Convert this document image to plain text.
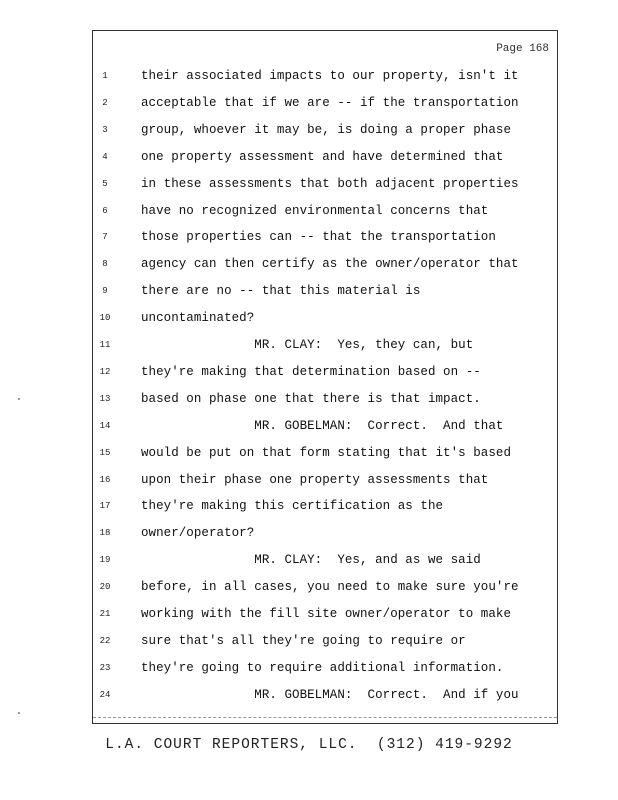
Page 168
1	their associated impacts to our property, isn't it
2	acceptable that if we are -- if the transportation
3	group, whoever it may be, is doing a proper phase
4	one property assessment and have determined that
5	in these assessments that both adjacent properties
6	have no recognized environmental concerns that
7	those properties can -- that the transportation
8	agency can then certify as the owner/operator that
9	there are no -- that this material is
10	uncontaminated?
11	MR. CLAY:  Yes, they can, but
12	they're making that determination based on --
13	based on phase one that there is that impact.
14	MR. GOBELMAN:  Correct.  And that
15	would be put on that form stating that it's based
16	upon their phase one property assessments that
17	they're making this certification as the
18	owner/operator?
19	MR. CLAY:  Yes, and as we said
20	before, in all cases, you need to make sure you're
21	working with the fill site owner/operator to make
22	sure that's all they're going to require or
23	they're going to require additional information.
24	MR. GOBELMAN:  Correct.  And if you
L.A. COURT REPORTERS, LLC.  (312) 419-9292
